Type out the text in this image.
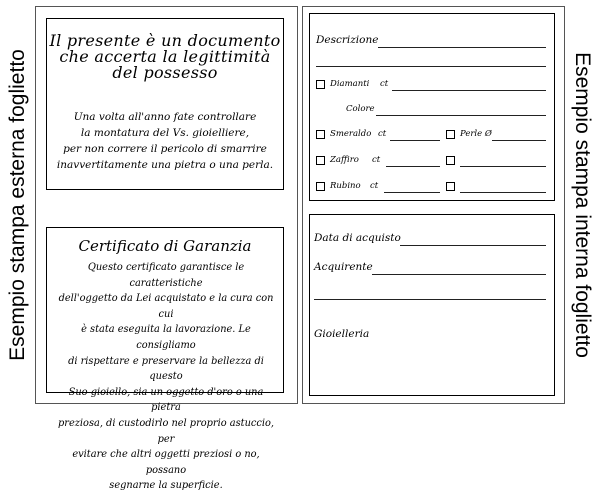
Esempio stampa esterna foglietto	Esempio stampa interna foglietto
Il presente è un documento
che accerta la legittimità
del possesso
Una volta all'anno fate controllare
la montatura del Vs. gioielliere,
per non correre il pericolo di smarrire
inavvertitamente una pietra o una perla.
Certificato di Garanzia
Questo certificato garantisce le caratteristiche
dell'oggetto da Lei acquistato e la cura con cui
è stata eseguita la lavorazione. Le consigliamo
di rispettare e preservare la bellezza di questo
Suo gioiello, sia un oggetto d'oro o una pietra
preziosa, di custodirlo nel proprio astuccio, per
evitare che altri oggetti preziosi o no, possano
segnarne la superficie.
Descrizione
Diamanti ct
Colore
Smeraldo ct	Perle Ø
Zaffiro ct
Rubino ct
Data di acquisto
Acquirente
Gioielleria
